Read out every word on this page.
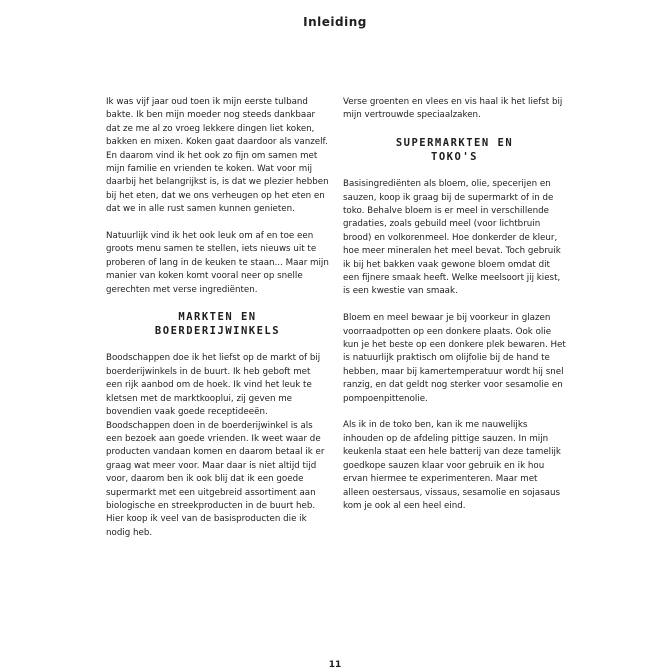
Inleiding

Ik was vijf jaar oud toen ik mijn eerste tulband bakte. Ik ben mijn moeder nog steeds dankbaar dat ze me al zo vroeg lekkere dingen liet koken, bakken en mixen. Koken gaat daardoor als vanzelf. En daarom vind ik het ook zo fijn om samen met mijn familie en vrienden te koken. Wat voor mij daarbij het belangrijkst is, is dat we plezier hebben bij het eten, dat we ons verheugen op het eten en dat we in alle rust samen kunnen genieten.

Natuurlijk vind ik het ook leuk om af en toe een groots menu samen te stellen, iets nieuws uit te proberen of lang in de keuken te staan... Maar mijn manier van koken komt vooral neer op snelle gerechten met verse ingrediënten.

MARKTEN EN
BOERDERIJWINKELS

Boodschappen doe ik het liefst op de markt of bij boerderijwinkels in de buurt. Ik heb geboft met een rijk aanbod om de hoek. Ik vind het leuk te kletsen met de marktkooplui, zij geven me bovendien vaak goede receptideeën. Boodschappen doen in de boerderijwinkel is als een bezoek aan goede vrienden. Ik weet waar de producten vandaan komen en daarom betaal ik er graag wat meer voor. Maar daar is niet altijd tijd voor, daarom ben ik ook blij dat ik een goede supermarkt met een uitgebreid assortiment aan biologische en streekproducten in de buurt heb. Hier koop ik veel van de basisproducten die ik nodig heb.

Verse groenten en vlees en vis haal ik het liefst bij mijn vertrouwde speciaalzaken.

SUPERMARKTEN EN
TOKO'S

Basisingrediënten als bloem, olie, specerijen en sauzen, koop ik graag bij de supermarkt of in de toko. Behalve bloem is er meel in verschillende gradaties, zoals gebuild meel (voor lichtbruin brood) en volkorenmeel. Hoe donkerder de kleur, hoe meer mineralen het meel bevat. Toch gebruik ik bij het bakken vaak gewone bloem omdat dit een fijnere smaak heeft. Welke meelsoort jij kiest, is een kwestie van smaak.

Bloem en meel bewaar je bij voorkeur in glazen voorraadpotten op een donkere plaats. Ook olie kun je het beste op een donkere plek bewaren. Het is natuurlijk praktisch om olijfolie bij de hand te hebben, maar bij kamertemperatuur wordt hij snel ranzig, en dat geldt nog sterker voor sesamolie en pompoenpittenolie.

Als ik in de toko ben, kan ik me nauwelijks inhouden op de afdeling pittige sauzen. In mijn keukenla staat een hele batterij van deze tamelijk goedkope sauzen klaar voor gebruik en ik hou ervan hiermee te experimenteren. Maar met alleen oestersaus, vissaus, sesamolie en sojasaus kom je ook al een heel eind.

11
